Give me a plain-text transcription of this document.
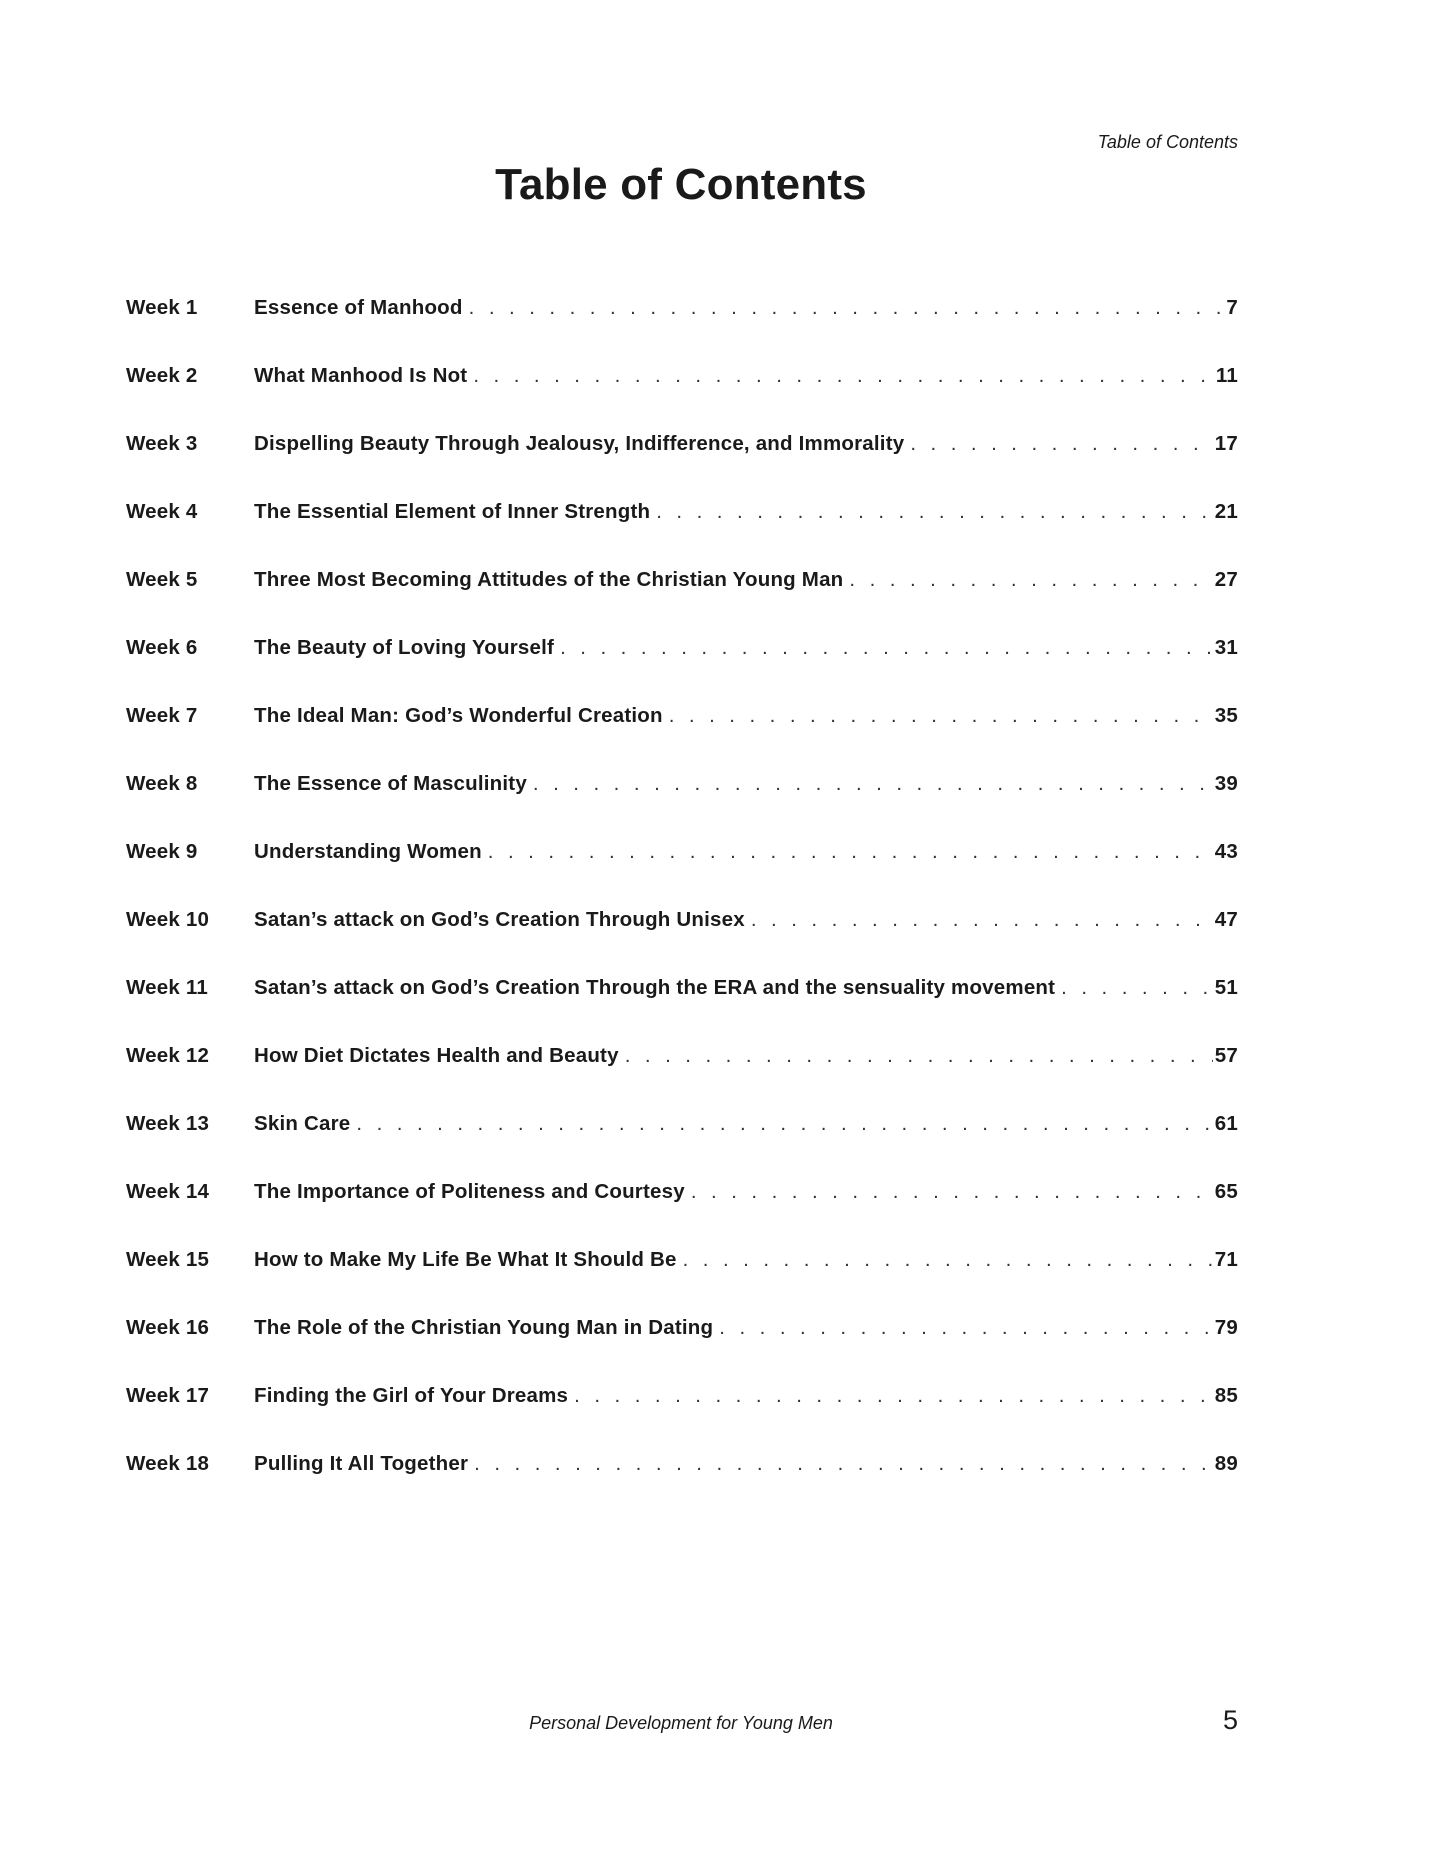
Table of Contents
Table of Contents
Week 1	Essence of Manhood . . .	7
Week 2	What Manhood Is Not . . .	11
Week 3	Dispelling Beauty Through Jealousy, Indifference, and Immorality . . .	17
Week 4	The Essential Element of Inner Strength . . .	21
Week 5	Three Most Becoming Attitudes of the Christian Young Man . . .	27
Week 6	The Beauty of Loving Yourself . . .	31
Week 7	The Ideal Man: God’s Wonderful Creation . . .	35
Week 8	The Essence of Masculinity . . .	39
Week 9	Understanding Women . . .	43
Week 10	Satan’s attack on God’s Creation Through Unisex . . .	47
Week 11	Satan’s attack on God’s Creation Through the ERA and the sensuality movement . . .	51
Week 12	How Diet Dictates Health and Beauty . . .	57
Week 13	Skin Care . . .	61
Week 14	The Importance of Politeness and Courtesy . . .	65
Week 15	How to Make My Life Be What It Should Be . . .	71
Week 16	The Role of the Christian Young Man in Dating . . .	79
Week 17	Finding the Girl of Your Dreams . . .	85
Week 18	Pulling It All Together . . .	89
Personal Development for Young Men	5
